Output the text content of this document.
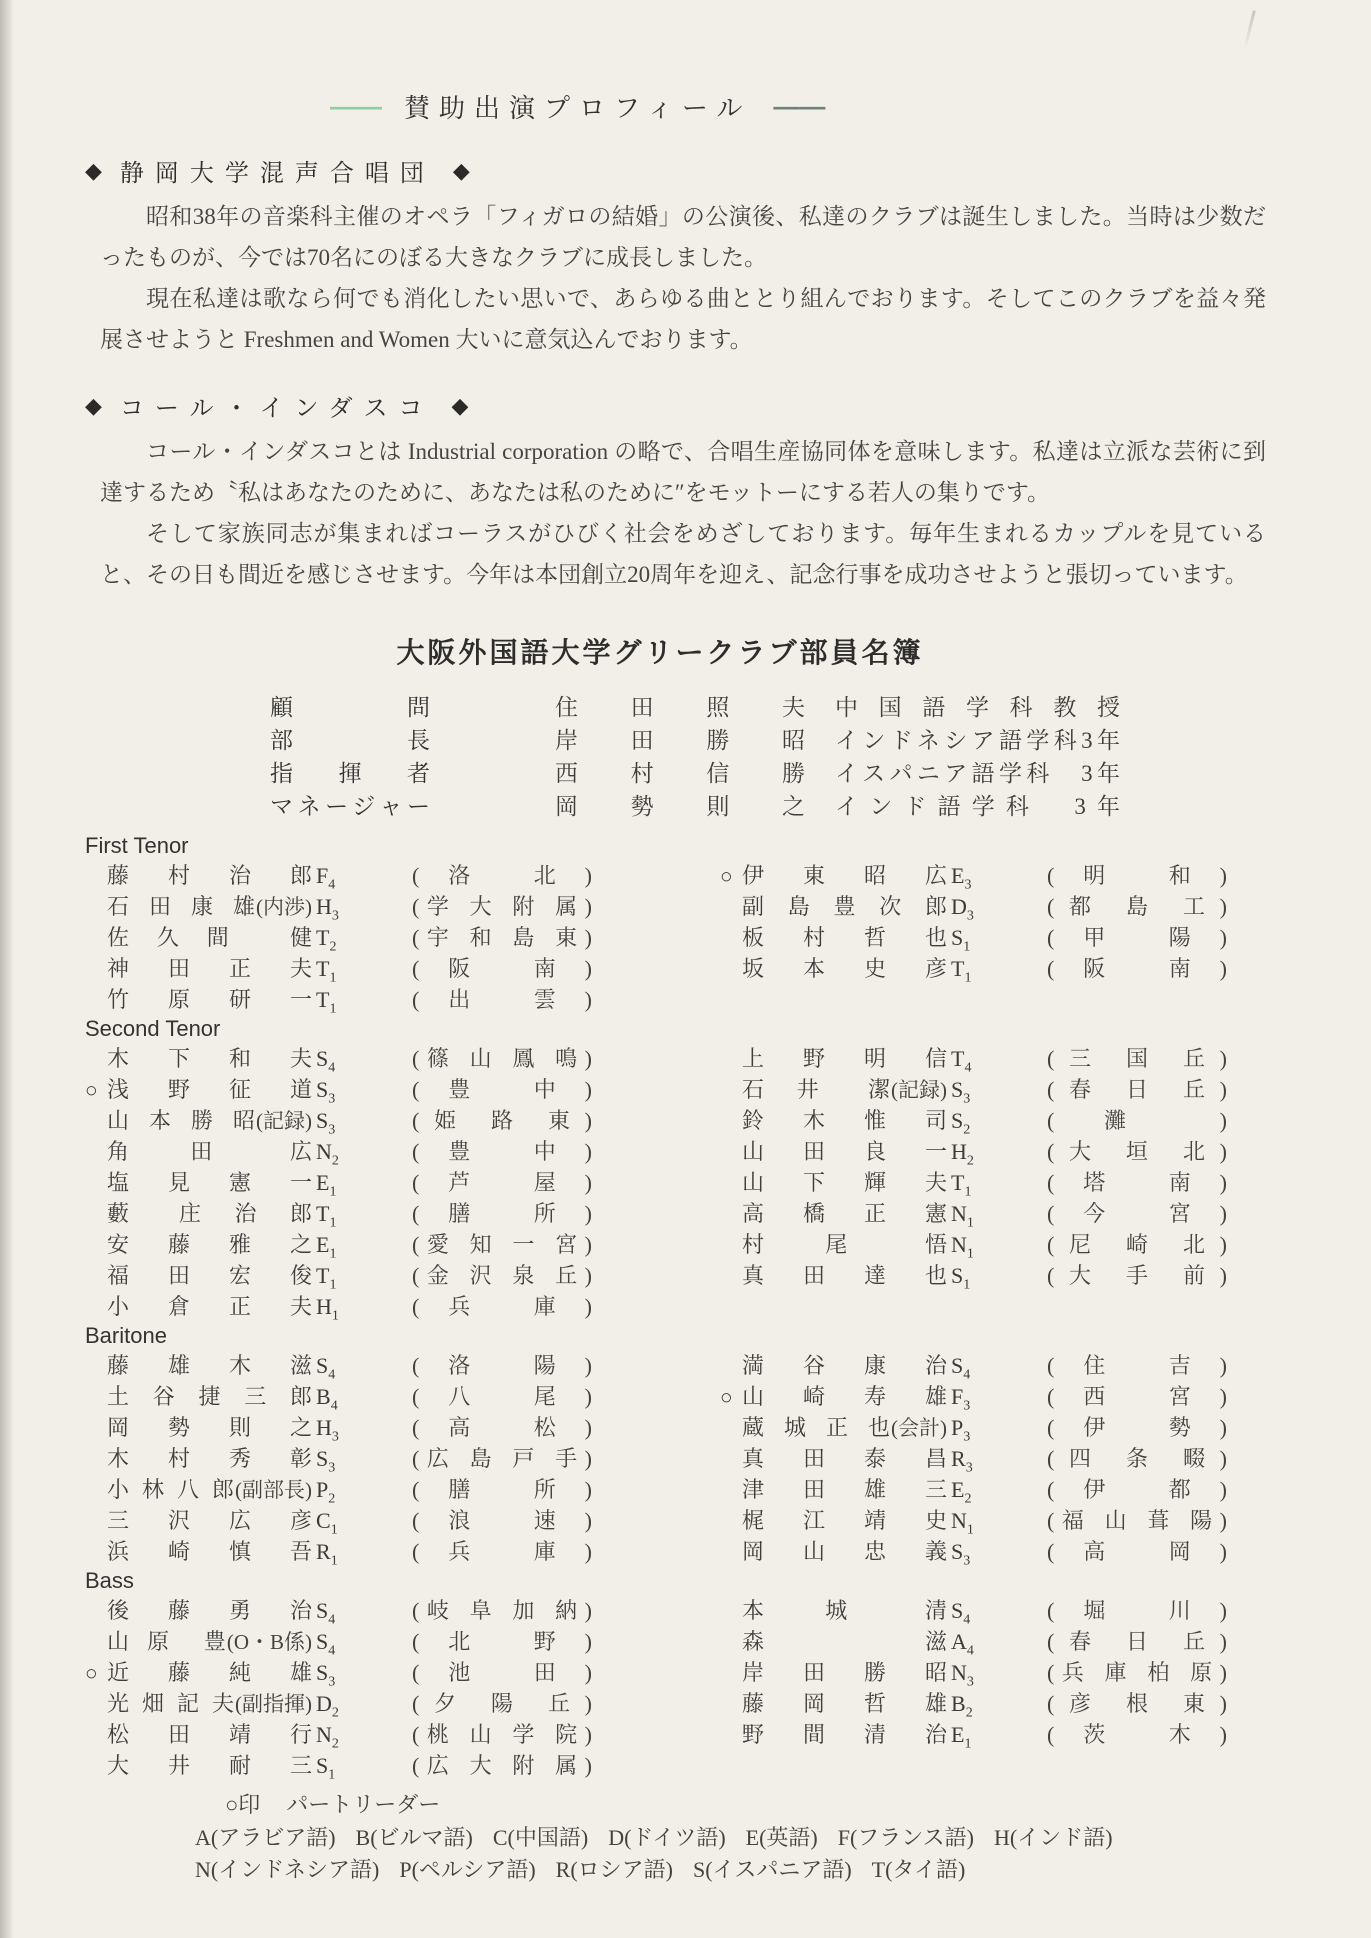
―― 賛助出演プロフィール ――
◆ 静岡大学混声合唱団 ◆

昭和38年の音楽科主催のオペラ「フィガロの結婚」の公演後、私達のクラブは誕生しました。当時は少数だったものが、今では70名にのぼる大きなクラブに成長しました。

現在私達は歌なら何でも消化したい思いで、あらゆる曲ととり組んでおります。そしてこのクラブを益々発展させようと Freshmen and Women 大いに意気込んでおります。

◆ コール・インダスコ ◆

コール・インダスコとは Industrial corporation の略で、合唱生産協同体を意味します。私達は立派な芸術に到達するため〝私はあなたのために、あなたは私のために″をモットーにする若人の集りです。

そして家族同志が集まればコーラスがひびく社会をめざしております。毎年生まれるカップルを見ていると、その日も間近を感じさせます。今年は本団創立20周年を迎え、記念行事を成功させようと張切っています。

大阪外国語大学グリークラブ部員名簿
顧 問	住 田 照 夫 中 国 語 学 科 教 授
部 長	岸 田 勝 昭 インドネシア語学科3年
指 揮 者	西 村 信 勝 イスパニア語学科　3年
マネージャー	岡 勢 則 之 インド語学科　3年
First Tenor
藤 村 治 郎 $F_4$	(洛 北)	○ 伊 東 昭 広 $E_3$	(明 和)
石 田 康 雄 (内渉) $H_3$	(学 大 附 属)	副 島 豊 次 郎 $D_3$	(都 島 工)
佐久間 健 $T_2$	(宇 和 島 東)	板 村 哲 也 $S_1$	(甲 陽)
神 田 正 夫 $T_1$	(阪 南)	坂 本 史 彦 $T_1$	(阪 南)
竹 原 研 一 $T_1$	(出 雲)
Second Tenor
木 下 和 夫 $S_4$	(篠 山 鳳 鳴)	上 野 明 信 $T_4$	(三 国 丘)
○ 浅 野 征 道 $S_3$	(豊 中)	石 井　潔 (記録) $S_3$	(春 日 丘)
山 本 勝 昭 (記録) $S_3$	(姫 路 東)	鈴 木 惟 司 $S_2$	( 灘 )
角 田　広 $N_2$	(豊 中)	山 田 良 一 $H_2$	(大 垣 北)
塩 見 憲 一 $E_1$	(芦 屋)	山 下 輝 夫 $T_1$	(塔 南)
藪　庄 治 郎 $T_1$	(膳 所)	高 橋 正 憲 $N_1$	(今 宮)
安 藤 雅 之 $E_1$	(愛 知 一 宮)	村 尾　悟 $N_1$	(尼 崎 北)
福 田 宏 俊 $T_1$	(金 沢 泉 丘)	真 田 達 也 $S_1$	(大 手 前)
小 倉 正 夫 $H_1$	(兵 庫)
Baritone
藤 雄 木 滋 $S_4$	(洛 陽)	満 谷 康 治 $S_4$	(住 吉)
土 谷 捷 三 郎 $B_4$	(八 尾)	○ 山 崎 寿 雄 $F_3$	(西 宮)
岡 勢 則 之 $H_3$	(高 松)	蔵 城 正 也 (会計) $P_3$	(伊 勢)
木 村 秀 彰 $S_3$	(広 島 戸 手)	真 田 泰 昌 $R_3$	(四 条 畷)
小 林 八 郎 (副部長) $P_2$	(膳 所)	津 田 雄 三 $E_2$	(伊 都)
三 沢 広 彦 $C_1$	(浪 速)	梶 江 靖 史 $N_1$	(福 山 葺 陽)
浜 崎 慎 吾 $R_1$	(兵 庫)	岡 山 忠 義 $S_3$	(高 岡)
Bass
後 藤 勇 治 $S_4$	(岐 阜 加 納)	本 城　清 $S_4$	(堀 川)
山 原　豊 (O・B係) $S_4$	(北 野)	森 滋 $A_4$	(春 日 丘)
○ 近 藤 純 雄 $S_3$	(池 田)	岸 田 勝 昭 $N_3$	(兵 庫 柏 原)
光 畑 記 夫 (副指揮) $D_2$	(夕 陽 丘)	藤 岡 哲 雄 $B_2$	(彦 根 東)
松 田 靖 行 $N_2$	(桃 山 学 院)	野 間 清 治 $E_1$	(茨 木)
大 井 耐 三 $S_1$	(広 大 附 属)
○印 パートリーダー
A(アラビア語) B(ビルマ語) C(中国語) D(ドイツ語) E(英語) F(フランス語) H(インド語)
N(インドネシア語) P(ペルシア語) R(ロシア語) S(イスパニア語) T(タイ語)
